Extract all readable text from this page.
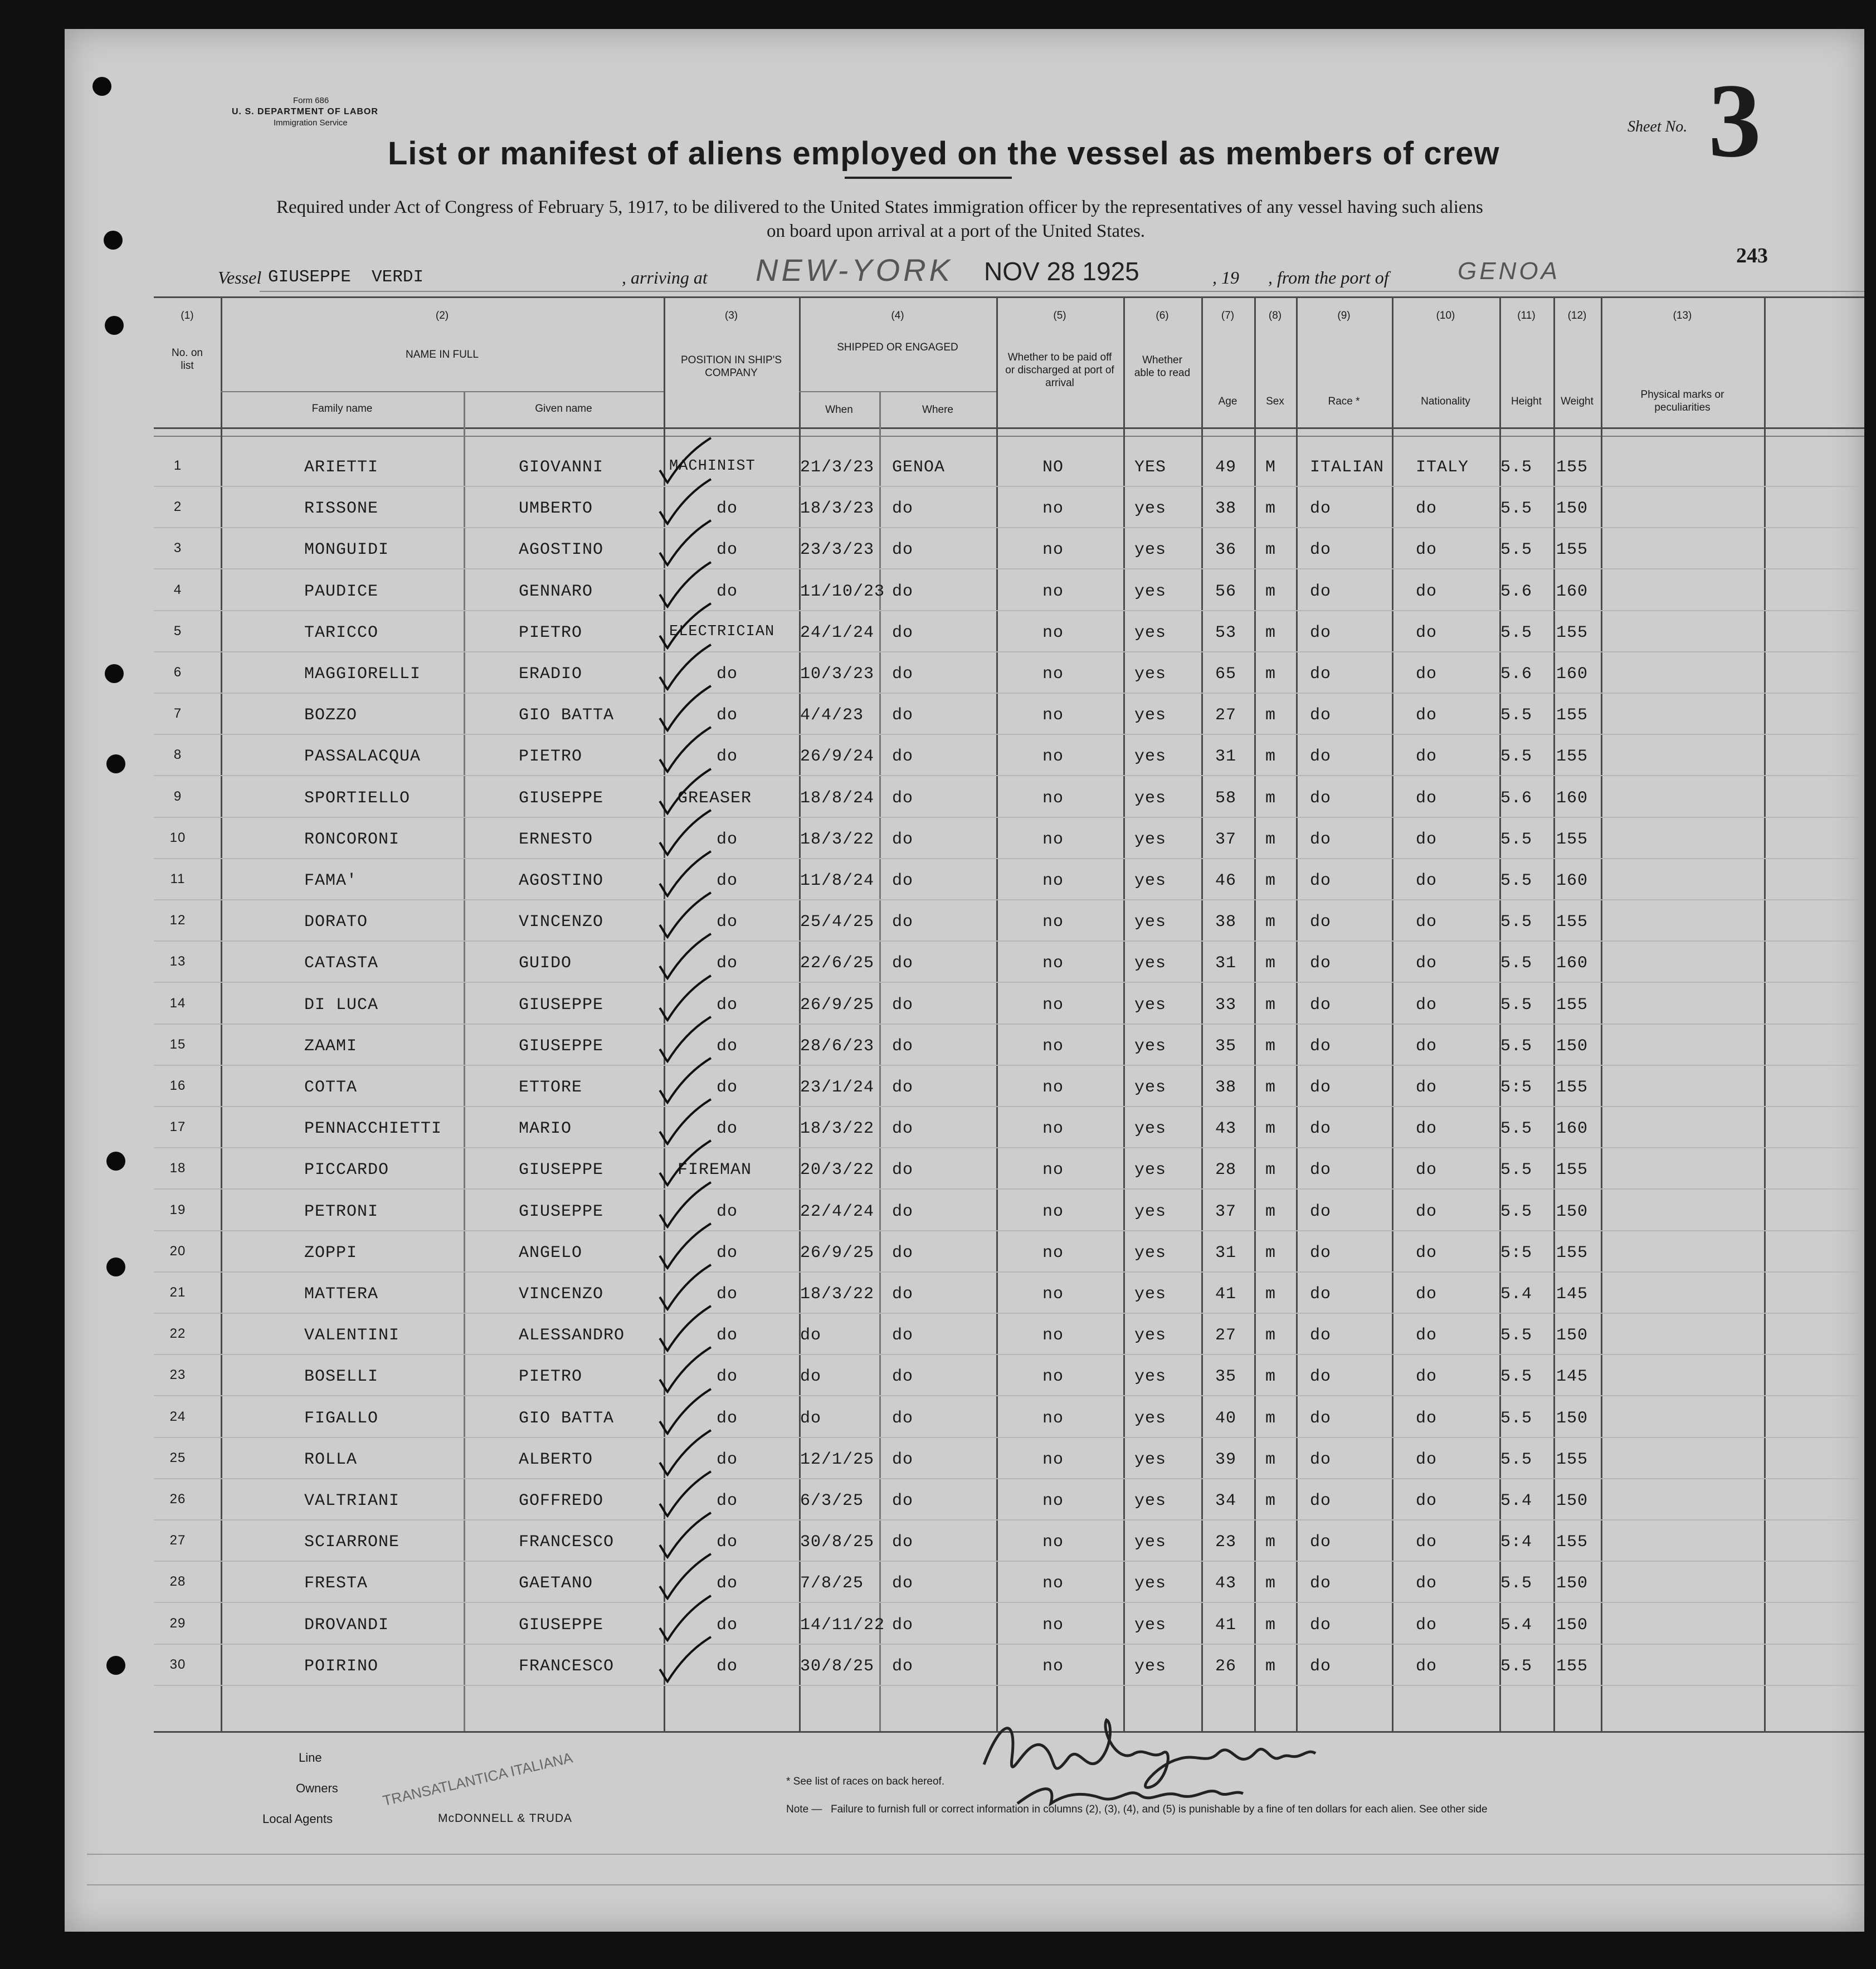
Form 686
U. S. DEPARTMENT OF LABOR
Immigration Service	Sheet No. 3
List or manifest of aliens employed on the vessel as members of crew
Required under Act of Congress of February 5, 1917, to be dilivered to the United States immigration officer by the representatives of any vessel having such aliens
on board upon arrival at a port of the United States.
243
Vessel GIUSEPPE  VERDI	, arriving at NEW-YORK NOV 28 1925	, 19 , from the port of	GENOA
(1)
No. on list
(2)
NAME IN FULL
Family name	Given name
(3)
POSITION IN SHIP'S COMPANY
(4)
SHIPPED OR ENGAGED
When	Where
(5)
Whether to be paid off or discharged at port of arrival
(6)
Whether able to read
(7)
Age
(8)
Sex
(9)
Race *
(10)
Nationality
(11)
Height
(12)
Weight
(13)
Physical marks or peculiarities
1	ARIETTI	GIOVANNI	MACHINIST	21/3/23 GENOA	NO	YES	49 M ITALIAN ITALY 5.5 155
2	RISSONE	UMBERTO	do	18/3/23 do	no	yes	38 m do	do	5.5 150
3	MONGUIDI	AGOSTINO	do	23/3/23 do	no	yes	36 m do	do	5.5 155
4	PAUDICE	GENNARO	do	11/10/23 do	no	yes	56 m do	do	5.6 160
5	TARICCO	PIETRO	ELECTRICIAN 24/1/24 do	no	yes	53 m do	do	5.5 155
6	MAGGIORELLI	ERADIO	do	10/3/23 do	no	yes	65 m do	do	5.6 160
7	BOZZO	GIO BATTA	do	4/4/23 do	no	yes	27 m do	do	5.5 155
8	PASSALACQUA	PIETRO	do	26/9/24 do	no	yes	31 m do	do	5.5 155
9	SPORTIELLO	GIUSEPPE	GREASER	18/8/24 do	no	yes	58 m do	do	5.6 160
10	RONCORONI	ERNESTO	do	18/3/22 do	no	yes	37 m do	do	5.5 155
11	FAMA'	AGOSTINO	do	11/8/24 do	no	yes	46 m do	do	5.5 160
12	DORATO	VINCENZO	do	25/4/25 do	no	yes	38 m do	do	5.5 155
13	CATASTA	GUIDO	do	22/6/25 do	no	yes	31 m do	do	5.5 160
14	DI LUCA	GIUSEPPE	do	26/9/25 do	no	yes	33 m do	do	5.5 155
15	ZAAMI	GIUSEPPE	do	28/6/23 do	no	yes	35 m do	do	5.5 150
16	COTTA	ETTORE	do	23/1/24 do	no	yes	38 m do	do	5:5 155
17	PENNACCHIETTI	MARIO	do	18/3/22 do	no	yes	43 m do	do	5.5 160
18	PICCARDO	GIUSEPPE	FIREMAN	20/3/22 do	no	yes	28 m do	do	5.5 155
19	PETRONI	GIUSEPPE	do	22/4/24 do	no	yes	37 m do	do	5.5 150
20	ZOPPI	ANGELO	do	26/9/25 do	no	yes	31 m do	do	5:5 155
21	MATTERA	VINCENZO	do	18/3/22 do	no	yes	41 m do	do	5.4 145
22	VALENTINI	ALESSANDRO	do	do	do	no	yes	27 m do	do	5.5 150
23	BOSELLI	PIETRO	do	do	do	no	yes	35 m do	do	5.5 145
24	FIGALLO	GIO BATTA	do	do	do	no	yes	40 m do	do	5.5 150
25	ROLLA	ALBERTO	do	12/1/25 do	no	yes	39 m do	do	5.5 155
26	VALTRIANI	GOFFREDO	do	6/3/25 do	no	yes	34 m do	do	5.4 150
27	SCIARRONE	FRANCESCO	do	30/8/25 do	no	yes	23 m do	do	5:4 155
28	FRESTA	GAETANO	do	7/8/25 do	no	yes	43 m do	do	5.5 150
29	DROVANDI	GIUSEPPE	do	14/11/22 do	no	yes	41 m do	do	5.4 150
30	POIRINO	FRANCESCO	do	30/8/25 do	no	yes	26 m do	do	5.5 155
Line
Owners
Local Agents
TRANSATLANTICA ITALIANA
McDONNELL & TRUDA
* See list of races on back hereof.
Note — Failure to furnish full or correct information in columns (2), (3), (4), and (5) is punishable by a fine of ten dollars for each alien. See other side
